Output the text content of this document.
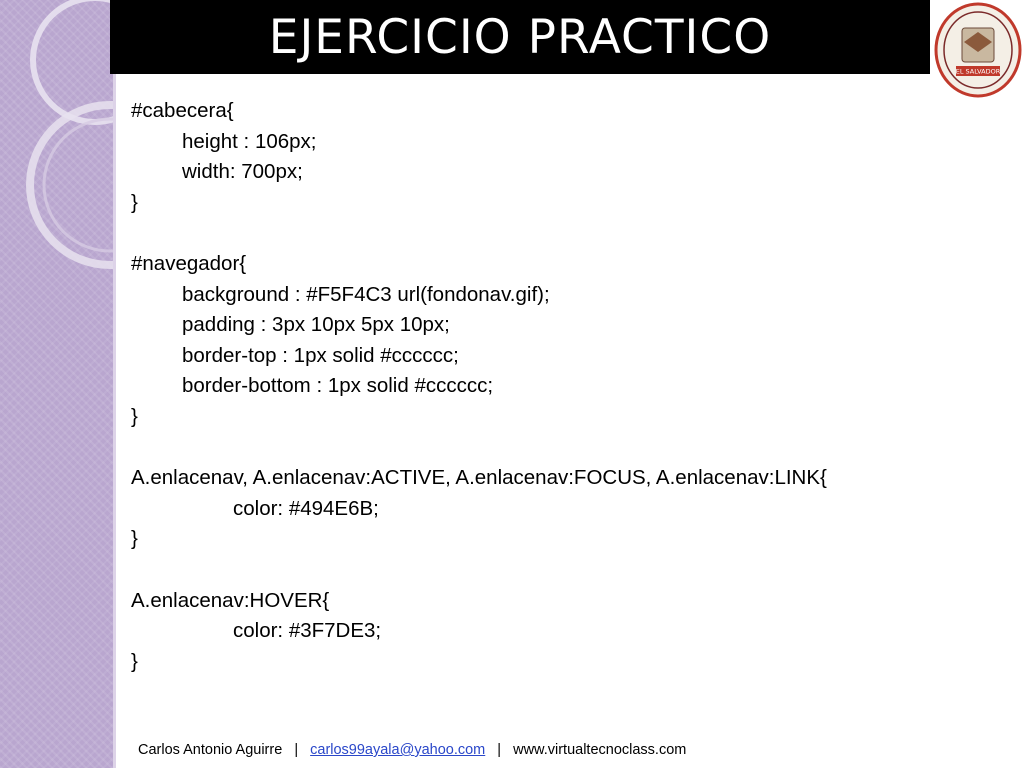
EJERCICIO PRACTICO
EL SALVADOR
#cabecera{
height : 106px;
width: 700px;
}
#navegador{
background : #F5F4C3 url(fondonav.gif);
padding : 3px 10px 5px 10px;
border-top : 1px solid #cccccc;
border-bottom : 1px solid #cccccc;
}
A.enlacenav, A.enlacenav:ACTIVE, A.enlacenav:FOCUS, A.enlacenav:LINK{
color: #494E6B;
}
A.enlacenav:HOVER{
color: #3F7DE3;
}
Carlos Antonio Aguirre | carlos99ayala@yahoo.com | www.virtualtecnoclass.com
